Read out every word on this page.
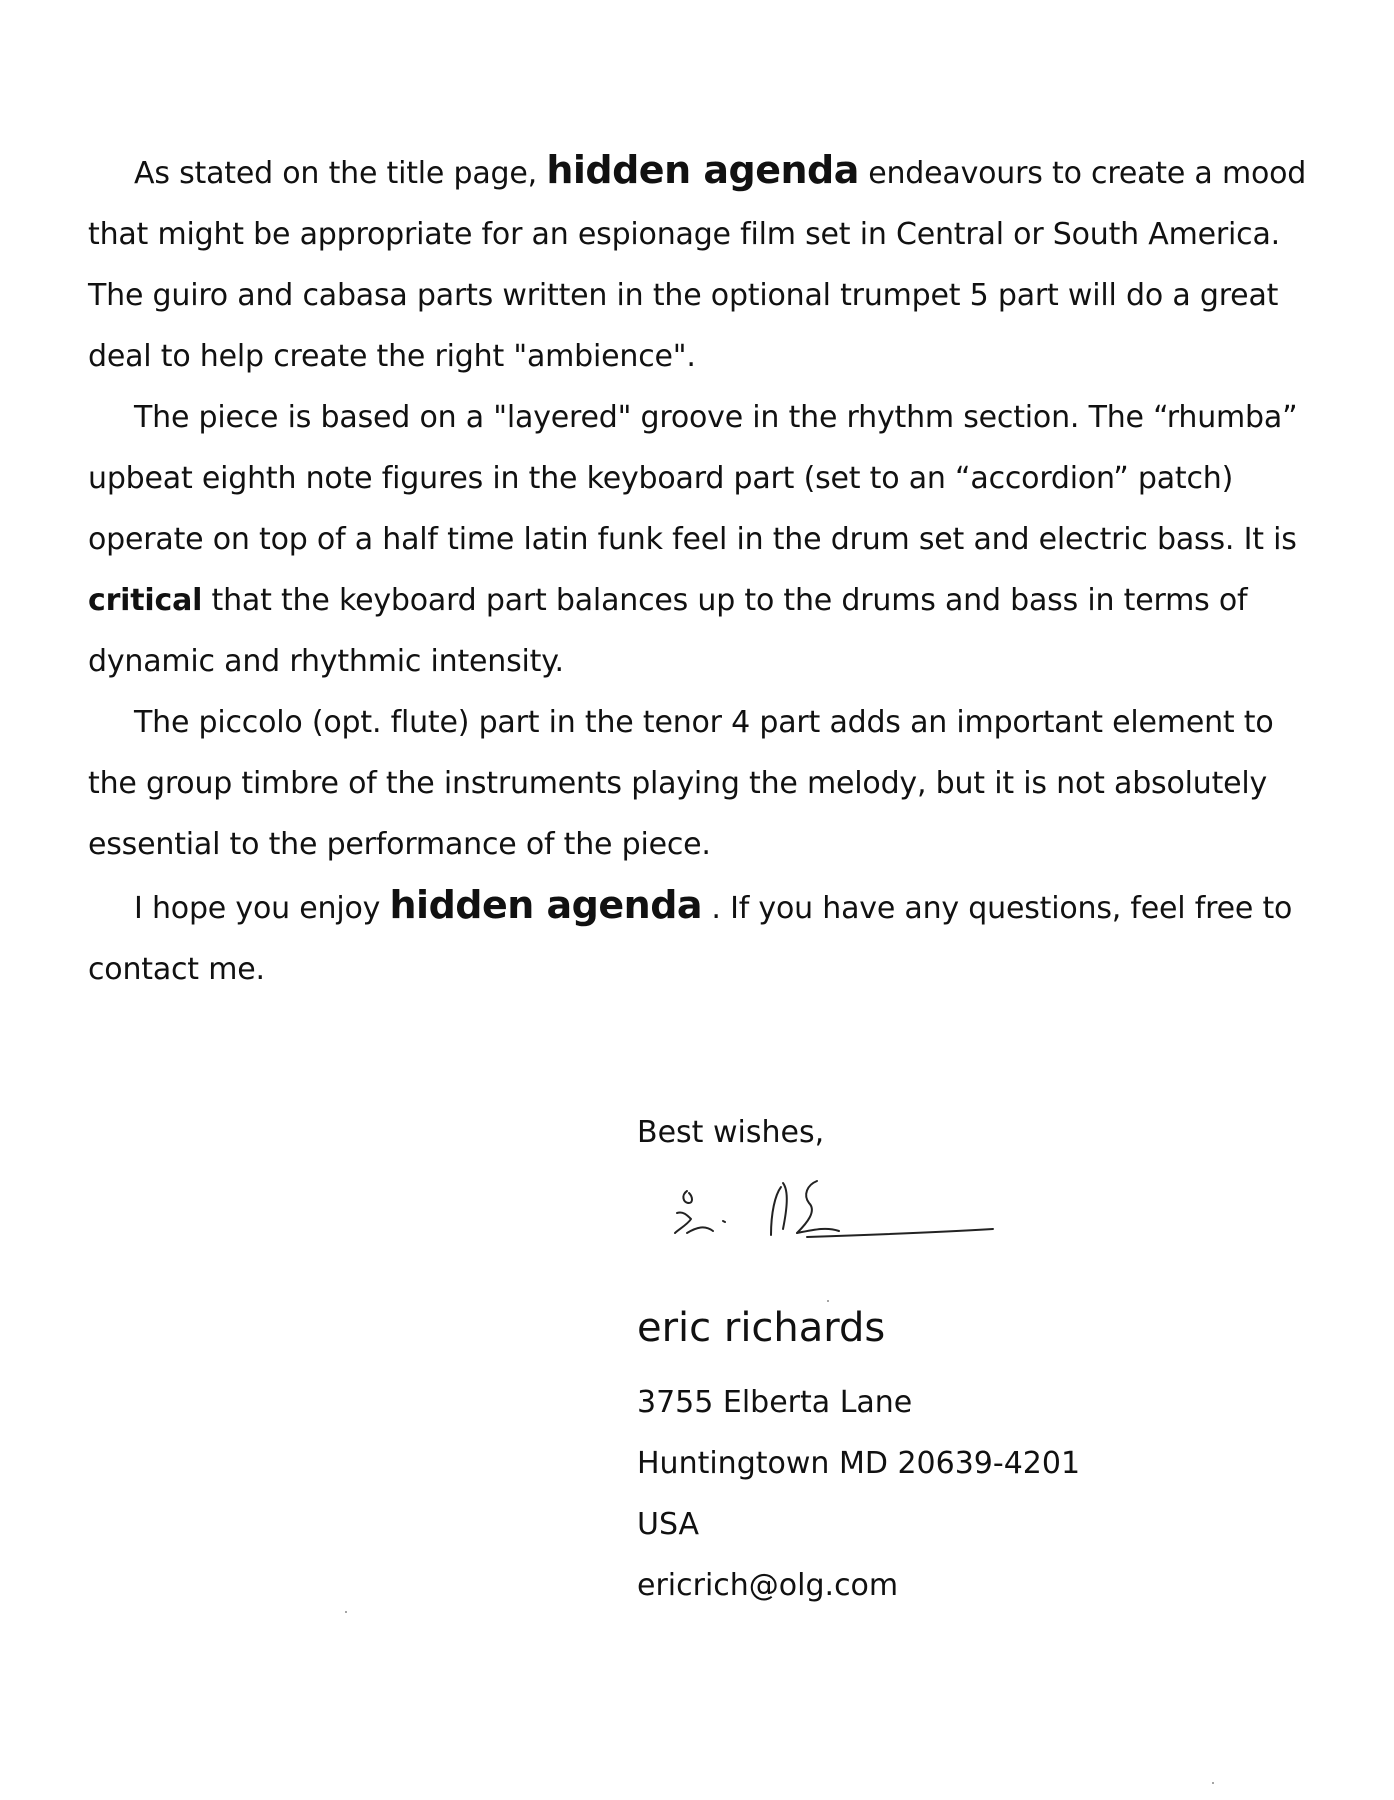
As stated on the title page, hidden agenda endeavours to create a mood that might be appropriate for an espionage film set in Central or South America. The guiro and cabasa parts written in the optional trumpet 5 part will do a great deal to help create the right "ambience".

The piece is based on a "layered" groove in the rhythm section. The “rhumba” upbeat eighth note figures in the keyboard part (set to an “accordion” patch) operate on top of a half time latin funk feel in the drum set and electric bass. It is critical that the keyboard part balances up to the drums and bass in terms of dynamic and rhythmic intensity.

The piccolo (opt. flute) part in the tenor 4 part adds an important element to the group timbre of the instruments playing the melody, but it is not absolutely essential to the performance of the piece.

I hope you enjoy hidden agenda . If you have any questions, feel free to contact me.

Best wishes,
eric richards
3755 Elberta Lane
Huntingtown MD 20639-4201
USA
ericrich@olg.com
